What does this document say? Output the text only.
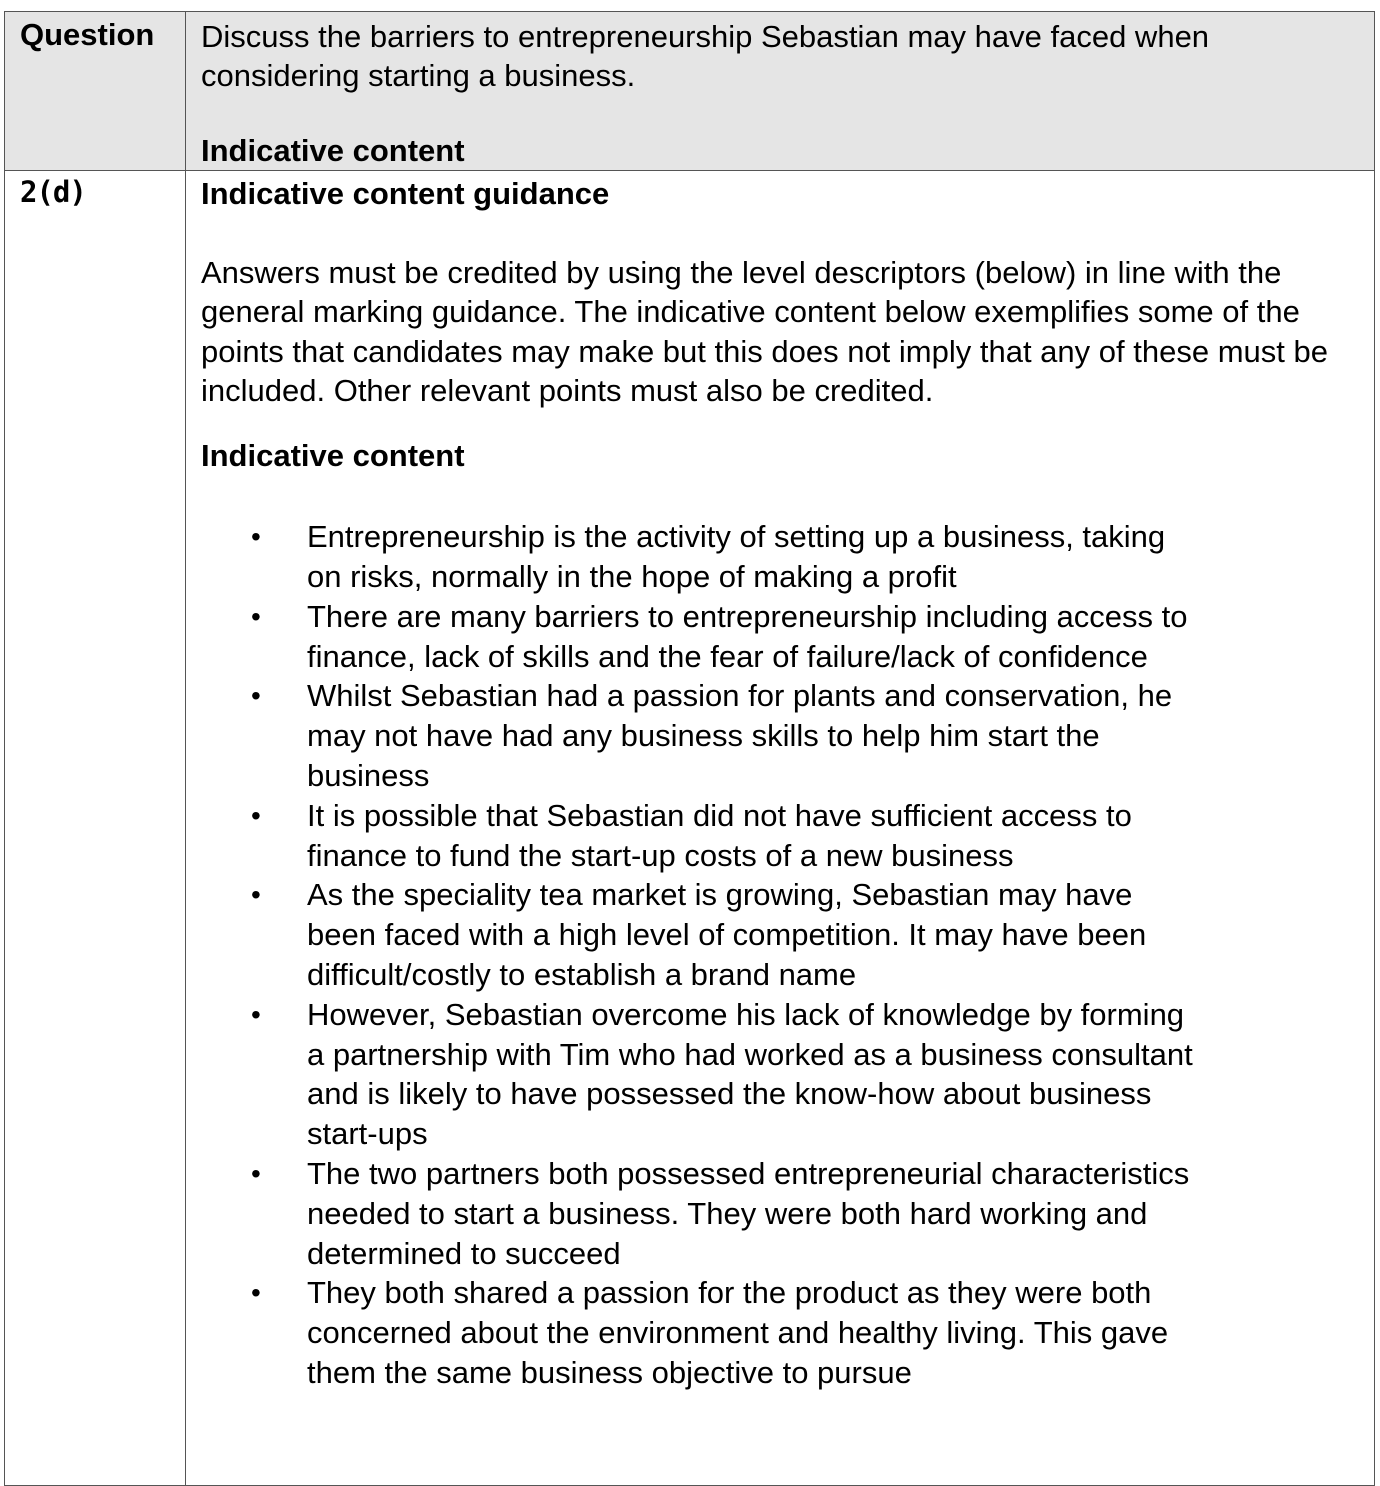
Question Discuss the barriers to entrepreneurship Sebastian may have faced when considering starting a business.
Indicative content
2(d)	Indicative content guidance

Answers must be credited by using the level descriptors (below) in line with the general marking guidance. The indicative content below exemplifies some of the points that candidates may make but this does not imply that any of these must be included. Other relevant points must also be credited.

Indicative content

• Entrepreneurship is the activity of setting up a business, taking on risks, normally in the hope of making a profit
• There are many barriers to entrepreneurship including access to finance, lack of skills and the fear of failure/lack of confidence
• Whilst Sebastian had a passion for plants and conservation, he may not have had any business skills to help him start the business
• It is possible that Sebastian did not have sufficient access to finance to fund the start-up costs of a new business
• As the speciality tea market is growing, Sebastian may have been faced with a high level of competition. It may have been difficult/costly to establish a brand name
• However, Sebastian overcome his lack of knowledge by forming a partnership with Tim who had worked as a business consultant and is likely to have possessed the know-how about business start-ups
• The two partners both possessed entrepreneurial characteristics needed to start a business. They were both hard working and determined to succeed
• They both shared a passion for the product as they were both concerned about the environment and healthy living. This gave them the same business objective to pursue
